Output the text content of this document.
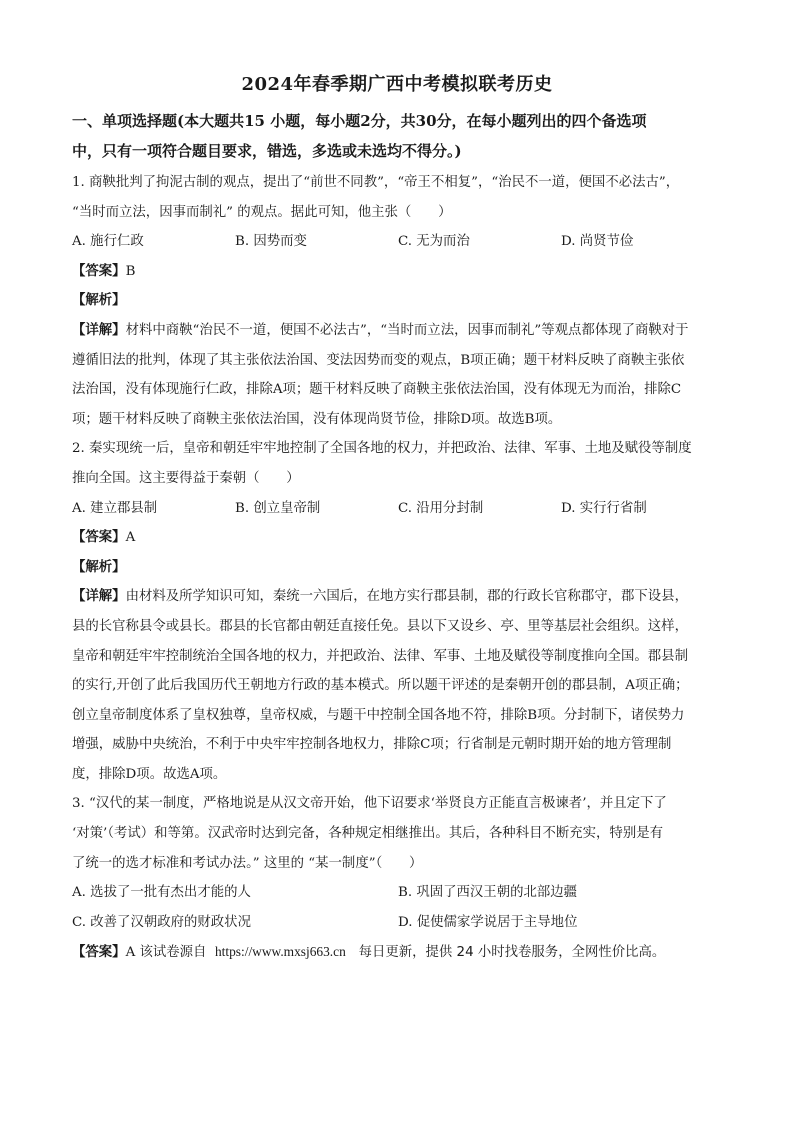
2024年春季期广西中考模拟联考历史
一、单项选择题(本大题共15 小题，每小题2分，共30分，在每小题列出的四个备选项
中，只有一项符合题目要求，错选，多选或未选均不得分。)
1. 商鞅批判了拘泥古制的观点，提出了“前世不同教”，“帝王不相复”，“治民不一道，便国不必法古”，
“当时而立法，因事而制礼” 的观点。据此可知，他主张（　　）
A. 施行仁政	B. 因势而变	C. 无为而治	D. 尚贤节俭
【答案】B
【解析】
【详解】材料中商鞅“治民不一道，便国不必法古”，“当时而立法，因事而制礼”等观点都体现了商鞅对于
遵循旧法的批判，体现了其主张依法治国、变法因势而变的观点，B项正确；题干材料反映了商鞅主张依
法治国，没有体现施行仁政，排除A项；题干材料反映了商鞅主张依法治国，没有体现无为而治，排除C
项；题干材料反映了商鞅主张依法治国，没有体现尚贤节俭，排除D项。故选B项。
2. 秦实现统一后，皇帝和朝廷牢牢地控制了全国各地的权力，并把政治、法律、军事、土地及赋役等制度
推向全国。这主要得益于秦朝（　　）
A. 建立郡县制	B. 创立皇帝制	C. 沿用分封制	D. 实行行省制
【答案】A
【解析】
【详解】由材料及所学知识可知，秦统一六国后，在地方实行郡县制，郡的行政长官称郡守，郡下设县，
县的长官称县令或县长。郡县的长官都由朝廷直接任免。县以下又设乡、亭、里等基层社会组织。这样，
皇帝和朝廷牢牢控制统治全国各地的权力，并把政治、法律、军事、土地及赋役等制度推向全国。郡县制
的实行,开创了此后我国历代王朝地方行政的基本模式。所以题干评述的是秦朝开创的郡县制，A项正确；
创立皇帝制度体系了皇权独尊，皇帝权威，与题干中控制全国各地不符，排除B项。分封制下，诸侯势力
增强，威胁中央统治，不利于中央牢牢控制各地权力，排除C项；行省制是元朝时期开始的地方管理制
度，排除D项。故选A项。
3. “汉代的某一制度，严格地说是从汉文帝开始，他下诏要求‘举贤良方正能直言极谏者’，并且定下了
‘对策’（考试）和等第。汉武帝时达到完备，各种规定相继推出。其后，各种科目不断充实，特别是有
了统一的选才标准和考试办法。” 这里的 “某一制度”（　　）
A. 选拔了一批有杰出才能的人	B. 巩固了西汉王朝的北部边疆
C. 改善了汉朝政府的财政状况	D. 促使儒家学说居于主导地位
【答案】A 该试卷源自 https://www.mxsj663.cn 每日更新，提供 24 小时找卷服务，全网性价比高。
